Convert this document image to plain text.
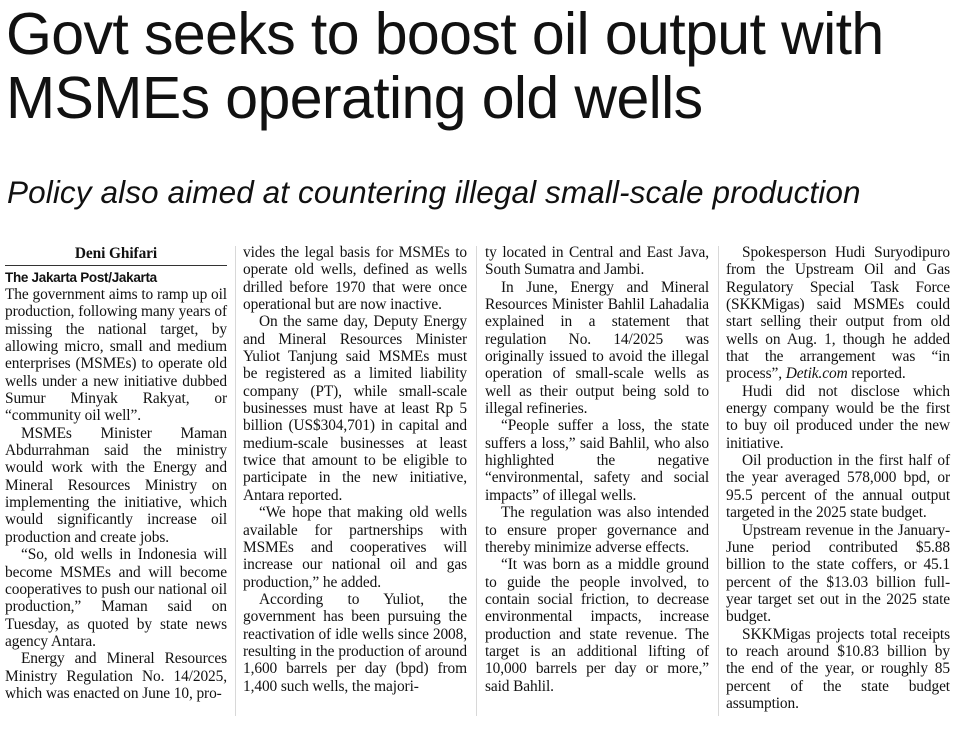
Govt seeks to boost oil output with MSMEs operating old wells
Policy also aimed at countering illegal small-scale production
Deni Ghifari
The Jakarta Post/Jakarta

The government aims to ramp up oil production, following many years of missing the national target, by allowing micro, small and medium enterprises (MSMEs) to operate old wells under a new initiative dubbed Sumur Minyak Rakyat, or “community oil well”.

MSMEs Minister Maman Abdurrahman said the ministry would work with the Energy and Mineral Resources Ministry on implementing the initiative, which would significantly increase oil production and create jobs.

“So, old wells in Indonesia will become MSMEs and will become cooperatives to push our national oil production,” Maman said on Tuesday, as quoted by state news agency Antara.

Energy and Mineral Resources Ministry Regulation No. 14/2025, which was enacted on June 10, pro-

vides the legal basis for MSMEs to operate old wells, defined as wells drilled before 1970 that were once operational but are now inactive.

On the same day, Deputy Energy and Mineral Resources Minister Yuliot Tanjung said MSMEs must be registered as a limited liability company (PT), while small-scale businesses must have at least Rp 5 billion (US$304,701) in capital and medium-scale businesses at least twice that amount to be eligible to participate in the new initiative, Antara reported.

“We hope that making old wells available for partnerships with MSMEs and cooperatives will increase our national oil and gas production,” he added.

According to Yuliot, the government has been pursuing the reactivation of idle wells since 2008, resulting in the production of around 1,600 barrels per day (bpd) from 1,400 such wells, the majori-

ty located in Central and East Java, South Sumatra and Jambi.

In June, Energy and Mineral Resources Minister Bahlil Lahadalia explained in a statement that regulation No. 14/2025 was originally issued to avoid the illegal operation of small-scale wells as well as their output being sold to illegal refineries.

“People suffer a loss, the state suffers a loss,” said Bahlil, who also highlighted the negative “environmental, safety and social impacts” of illegal wells.

The regulation was also intended to ensure proper governance and thereby minimize adverse effects.

“It was born as a middle ground to guide the people involved, to contain social friction, to decrease environmental impacts, increase production and state revenue. The target is an additional lifting of 10,000 barrels per day or more,” said Bahlil.

Spokesperson Hudi Suryodipuro from the Upstream Oil and Gas Regulatory Special Task Force (SKKMigas) said MSMEs could start selling their output from old wells on Aug. 1, though he added that the arrangement was “in process”, Detik.com reported.

Hudi did not disclose which energy company would be the first to buy oil produced under the new initiative.

Oil production in the first half of the year averaged 578,000 bpd, or 95.5 percent of the annual output targeted in the 2025 state budget.

Upstream revenue in the January-June period contributed $5.88 billion to the state coffers, or 45.1 percent of the $13.03 billion full-year target set out in the 2025 state budget.

SKKMigas projects total receipts to reach around $10.83 billion by the end of the year, or roughly 85 percent of the state budget assumption.
